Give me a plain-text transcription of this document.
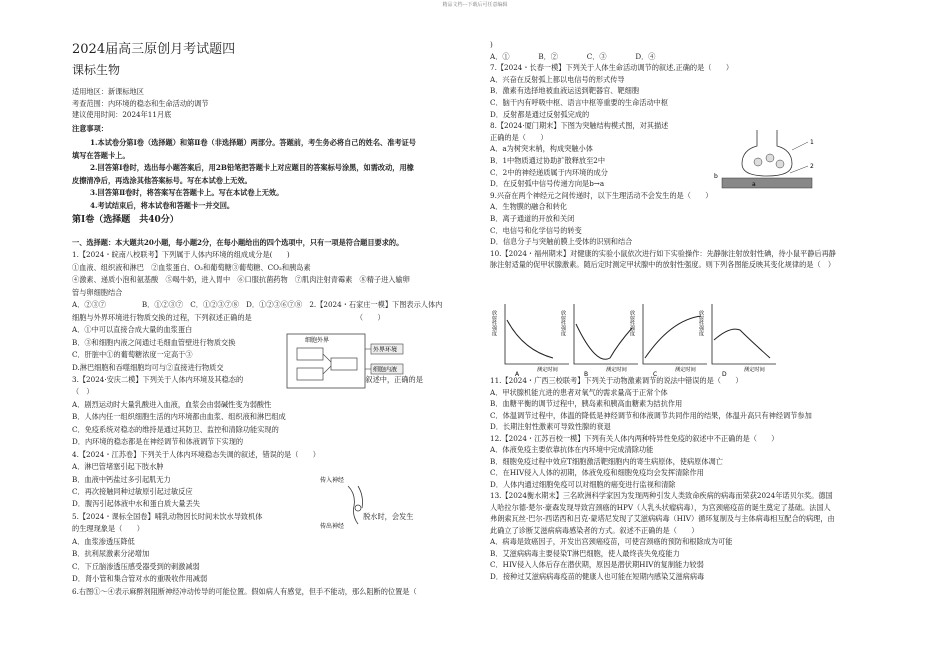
精品文档---下载后可任意编辑
2024届高三原创月考试题四
课标生物
适用地区：新课标地区
考查范围：内环境的稳态和生命活动的调节
建议使用时间：2024年11月底
注意事项：
1.本试卷分第Ⅰ卷（选择题）和第Ⅱ卷（非选择题）两部分。答题前，考生务必将自己的姓名、准考证号
填写在答题卡上。
2.回答第Ⅰ卷时，选出每小题答案后，用2B铅笔把答题卡上对应题目的答案标号涂黑，如需改动，用橡
皮擦清净后，再选涂其他答案标号。写在本试卷上无效。
3.回答第Ⅱ卷时，将答案写在答题卡上。写在本试卷上无效。
4.考试结束后，将本试卷和答题卡一并交回。
第Ⅰ卷（选择题　共40分）
一、选择题：本大题共20小题，每小题2分，在每小题给出的四个选项中，只有一项是符合题目要求的。
1.【2024・皖南八校联考】下列属于人体内环境的组成成分是(　　)
①血液、组织液和淋巴　②血浆蛋白、O₂和葡萄糖③葡萄糖、CO₂和胰岛素
④激素、递质小泡和氨基酸　⑤喝牛奶，进入胃中　⑥口服抗菌药物　⑦肌肉注射青霉素　⑧精子进入输卵
管与卵细胞结合
A．②③⑦　　　　　B．①②③⑦　C．①②③⑦⑧　D．①②③⑥⑦⑧　2.【2024・石家庄一模】下图表示人体内
细胞与外界环境进行物质交换的过程，下列叙述正确的是　　　　　　　　　　　　　　　（　　）
A．①中可以直接合成大量的血浆蛋白
B．③和细胞内液之间通过毛细血管壁进行物质交换
C．肝脏中①的葡萄糖浓度一定高于③
D.淋巴细胞和吞噬细胞均可与②直接进行物质交
3.【2024·安庆二模】下列关于人体内环境及其稳态的　　　　　　　　　　　　　　　　　叙述中，正确的是
（　）
A．剧烈运动时大量乳酸进入血液，血浆会由弱碱性变为弱酸性
B．人体内任一组织细胞生活的内环境都由血浆、组织液和淋巴组成
C．免疫系统对稳态的维持是通过其防卫、监控和清除功能实现的
D．内环境的稳态都是在神经调节和体液调节下实现的
4.【2024・江苏卷】下列关于人体内环境稳态失调的叙述，错误的是（　　）
A．淋巴管堵塞引起下肢水肿
B．血液中钙盐过多引起肌无力
C．再次接触同种过敏原引起过敏反应
D．腹泻引起体液中水和蛋白质大量丢失
5.【2024・课标全国卷】哺乳动物因长时间未饮水导致机体　　　　　　　　　　　　　　脱水时，会发生
的生理现象是（　　）
A．血浆渗透压降低
B．抗利尿激素分泌增加
C．下丘脑渗透压感受器受到的刺激减弱
D．肾小管和集合管对水的重吸收作用减弱
6.右图①～④表示麻醉剂阻断神经冲动传导的可能位置。假如病人有感觉，但手不能动，那么阻断的位置是（
)
A．①　　　　B．②　　　　C．③　　　　D．④
7.【2024・长春一模】下列关于人体生命活动调节的叙述,正确的是（　　）
A．兴奋在反射弧上都以电信号的形式传导
B．激素有选择地被血液运送到靶器官、靶细胞
C．脑干内有呼吸中枢、语言中枢等重要的生命活动中枢
D．反射都是通过反射弧完成的
8.【2024·厦门期末】下图为突触结构模式图，对其描述
正确的是（　　）
A．a为树突末梢，构成突触小体
B．1中物质通过协助扩散释放至2中
C．2中的神经递质属于内环境的成分
D．在反射弧中信号传递方向是b→a
9.兴奋在两个神经元之间传递时，以下生理活动不会发生的是（　　）
A．生物膜的融合和转化
B．离子通道的开放和关闭
C．电信号和化学信号的转变
D．信息分子与突触前膜上受体的识别和结合
10.【2024・福州期末】对健康的实验小鼠依次进行如下实验操作：先静脉注射放射性碘，待小鼠平静后再静
脉注射适量的促甲状腺激素。随后定时测定甲状腺中的放射性强度。则下列各图能反映其变化规律的是（　）
11.【2024・广西三校联考】下列关于动物激素调节的说法中错误的是（　　）
A．甲状腺机能亢进的患者对氧气的需求量高于正常个体
B．血糖平衡的调节过程中，胰岛素和胰高血糖素为拮抗作用
C．体温调节过程中，体温的降低是神经调节和体液调节共同作用的结果，体温升高只有神经调节参加
D．长期注射性激素可导致性腺的衰退
12.【2024・江苏百校一模】下列有关人体内两种特异性免疫的叙述中不正确的是（　　）
A．体液免疫主要依靠抗体在内环境中完成清除功能
B．细胞免疫过程中效应T细胞激活靶细胞内的寄生病原体，使病原体凋亡
C．在HIV侵入人体的初期，体液免疫和细胞免疫均会发挥清除作用
D．人体内通过细胞免疫可以对细胞的癌变进行监视和清除
13.【2024衡水期末】三名欧洲科学家因为发现两种引发人类致命疾病的病毒而荣获2024年诺贝尔奖。德国
人哈拉尔德·楚尔·豪森发现导致宫颈癌的HPV（人乳头状瘤病毒），为宫颈癌疫苗的诞生奠定了基础。法国人
弗朗索瓦丝·巴尔-西诺西和吕克·蒙塔尼发现了艾滋病病毒（HIV）循环复制及与主体病毒相互配合的病理，由
此确立了诊断艾滋病病毒感染者的方式。叙述不正确的是（　　）
A．病毒是致癌因子，开发出宫颈癌疫苗，可使宫颈癌的预防和根除成为可能
B．艾滋病病毒主要侵染T淋巴细胞，使人最终丧失免疫能力
C．HIV侵入人体后存在潜伏期，原因是潜伏期HIV的复制能力较弱
D．接种过艾滋病病毒疫苗的健康人也可能在短期内感染艾滋病病毒
细胞外界
外界环境
细胞内液
传入神经
传出神经
1
2
a
b
放射性强度
测定时间
A
放射性强度
测定时间
B
放射性强度
测定时间
C
放射性强度
测定时间
D
